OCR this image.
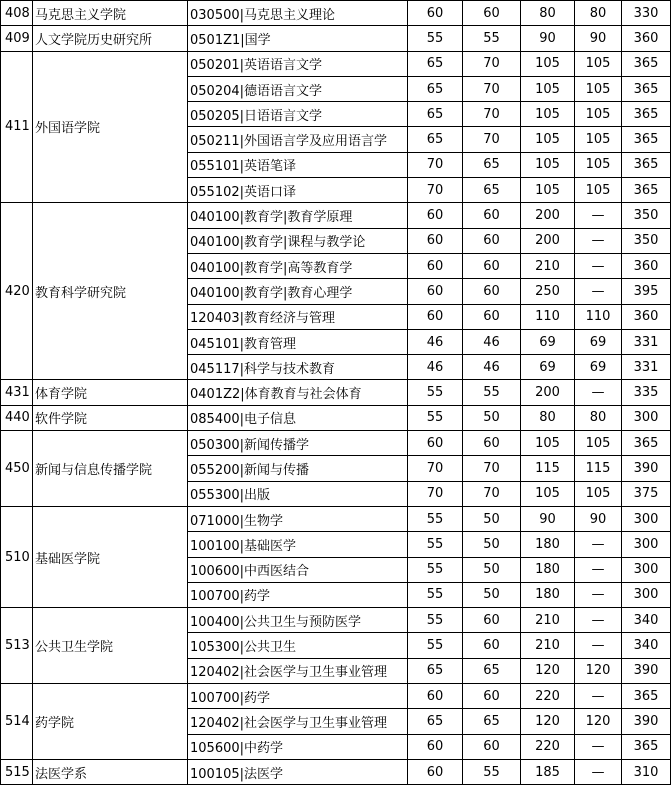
408	马克思主义学院	030500|马克思主义理论	60	60	80	80	330
409	人文学院历史研究所	0501Z1|国学	55	55	90	90	360
411	外国语学院	050201|英语语言文学	65	70	105	105	365
		050204|德语语言文学	65	70	105	105	365
		050205|日语语言文学	65	70	105	105	365
		050211|外国语言学及应用语言学	65	70	105	105	365
		055101|英语笔译	70	65	105	105	365
		055102|英语口译	70	65	105	105	365
420	教育科学研究院	040100|教育学|教育学原理	60	60	200	—	350
		040100|教育学|课程与教学论	60	60	200	—	350
		040100|教育学|高等教育学	60	60	210	—	360
		040100|教育学|教育心理学	60	60	250	—	395
		120403|教育经济与管理	60	60	110	110	360
		045101|教育管理	46	46	69	69	331
		045117|科学与技术教育	46	46	69	69	331
431	体育学院	0401Z2|体育教育与社会体育	55	55	200	—	335
440	软件学院	085400|电子信息	55	50	80	80	300
450	新闻与信息传播学院	050300|新闻传播学	60	60	105	105	365
		055200|新闻与传播	70	70	115	115	390
		055300|出版	70	70	105	105	375
510	基础医学院	071000|生物学	55	50	90	90	300
		100100|基础医学	55	50	180	—	300
		100600|中西医结合	55	50	180	—	300
		100700|药学	55	50	180	—	300
513	公共卫生学院	100400|公共卫生与预防医学	55	60	210	—	340
		105300|公共卫生	55	60	210	—	340
		120402|社会医学与卫生事业管理	65	65	120	120	390
514	药学院	100700|药学	60	60	220	—	365
		120402|社会医学与卫生事业管理	65	65	120	120	390
		105600|中药学	60	60	220	—	365
515	法医学系	100105|法医学	60	55	185	—	310
